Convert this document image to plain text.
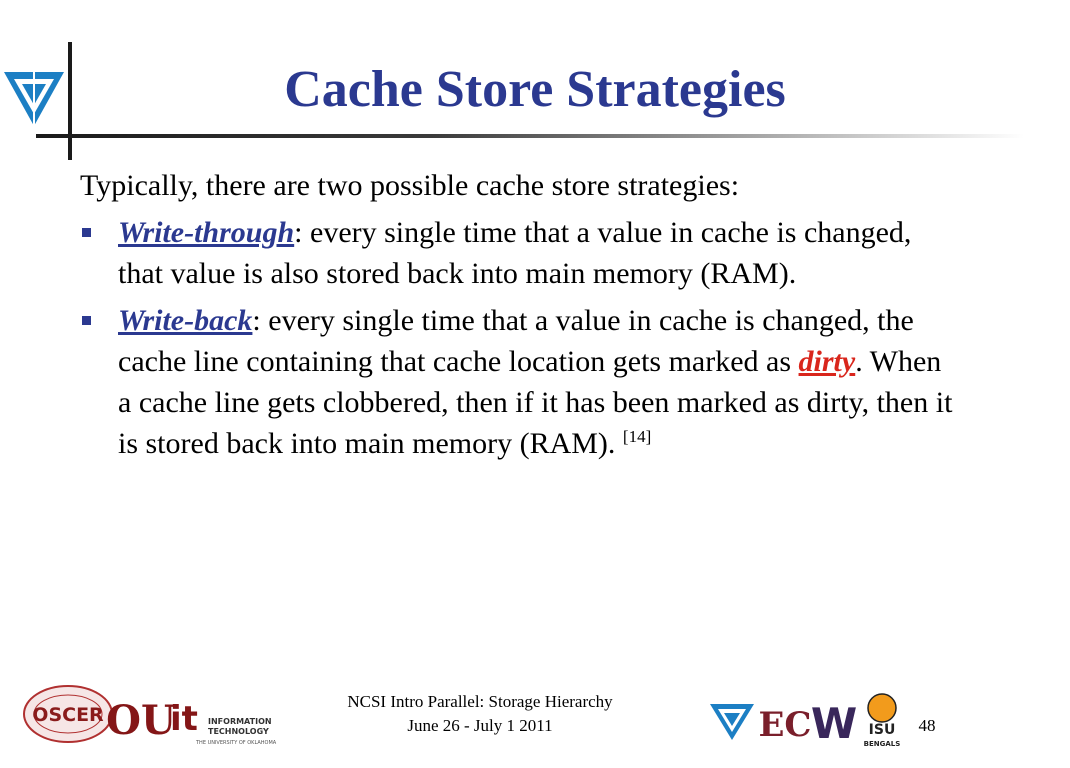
Cache Store Strategies

Typically, there are two possible cache store strategies:

Write-through: every single time that a value in cache is changed, that value is also stored back into main memory (RAM).
Write-back: every single time that a value in cache is changed, the cache line containing that cache location gets marked as dirty. When a cache line gets clobbered, then if it has been marked as dirty, then it is stored back into main memory (RAM). [14]
OSCER OU
it INFORMATION
TECHNOLOGY
THE UNIVERSITY OF OKLAHOMA
NCSI Intro Parallel: Storage Hierarchy
June 26 - July 1 2011	EC W ISU
BENGALS
48
